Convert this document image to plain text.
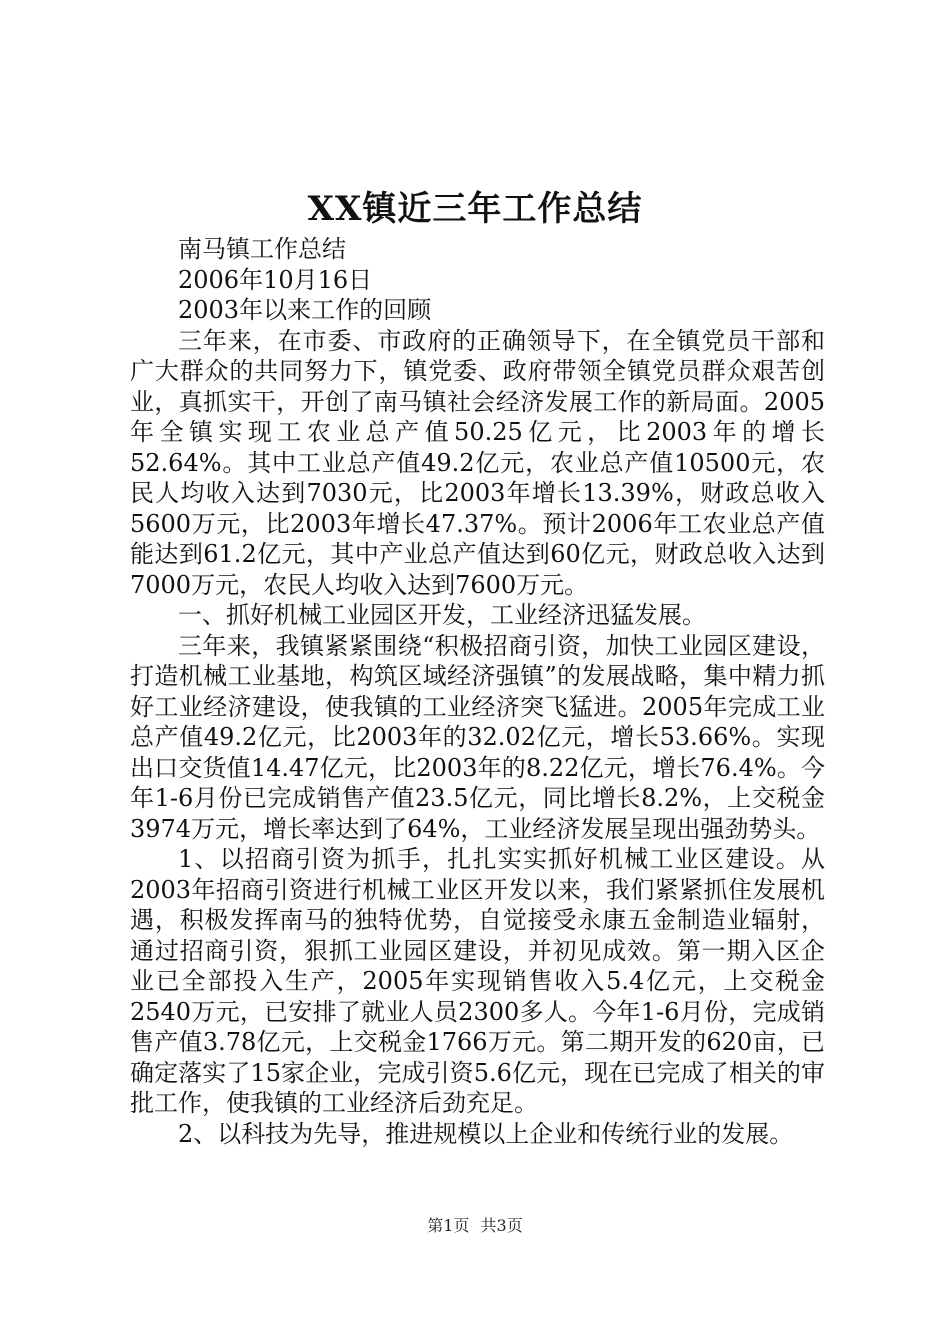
XX镇近三年工作总结

南马镇工作总结

2006年10月16日

2003年以来工作的回顾

三年来，在市委、市政府的正确领导下，在全镇党员干部和广大群众的共同努力下，镇党委、政府带领全镇党员群众艰苦创业，真抓实干，开创了南马镇社会经济发展工作的新局面。2005年全镇实现工农业总产值50.25亿元，比2003年的增长52.64%。其中工业总产值49.2亿元，农业总产值10500元，农民人均收入达到7030元，比2003年增长13.39%，财政总收入5600万元，比2003年增长47.37%。预计2006年工农业总产值能达到61.2亿元，其中产业总产值达到60亿元，财政总收入达到7000万元，农民人均收入达到7600万元。

一、抓好机械工业园区开发，工业经济迅猛发展。

三年来，我镇紧紧围绕“积极招商引资，加快工业园区建设，打造机械工业基地，构筑区域经济强镇”的发展战略，集中精力抓好工业经济建设，使我镇的工业经济突飞猛进。2005年完成工业总产值49.2亿元，比2003年的32.02亿元，增长53.66%。实现出口交货值14.47亿元，比2003年的8.22亿元，增长76.4%。今年1-6月份已完成销售产值23.5亿元，同比增长8.2%，上交税金3974万元，增长率达到了64%，工业经济发展呈现出强劲势头。

1、以招商引资为抓手，扎扎实实抓好机械工业区建设。从2003年招商引资进行机械工业区开发以来，我们紧紧抓住发展机遇，积极发挥南马的独特优势，自觉接受永康五金制造业辐射，通过招商引资，狠抓工业园区建设，并初见成效。第一期入区企业已全部投入生产，2005年实现销售收入5.4亿元，上交税金2540万元，已安排了就业人员2300多人。今年1-6月份，完成销售产值3.78亿元，上交税金1766万元。第二期开发的620亩，已确定落实了15家企业，完成引资5.6亿元，现在已完成了相关的审批工作，使我镇的工业经济后劲充足。

2、以科技为先导，推进规模以上企业和传统行业的发展。

第1页 共3页
